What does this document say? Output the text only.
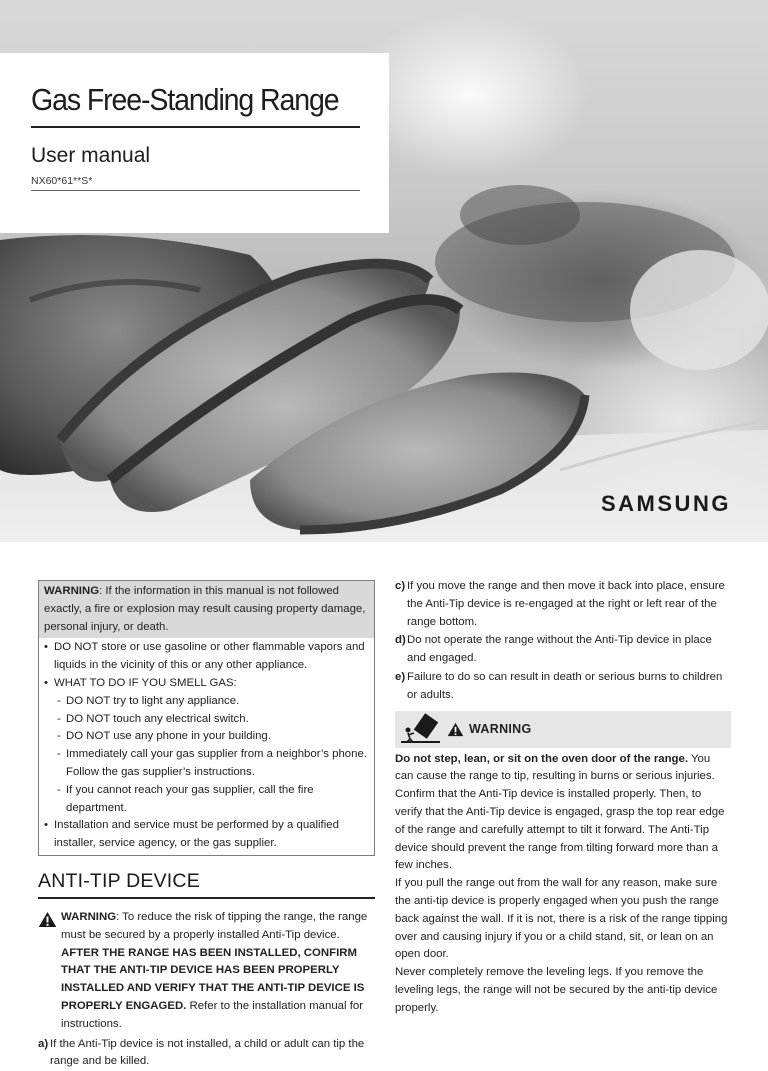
Gas Free-Standing Range
User manual
NX60*61**S*
SAMSUNG
WARNING: If the information in this manual is not followed exactly, a fire or explosion may result causing property damage, personal injury, or death.
• DO NOT store or use gasoline or other flammable vapors and liquids in the vicinity of this or any other appliance.
• WHAT TO DO IF YOU SMELL GAS:
- DO NOT try to light any appliance.
- DO NOT touch any electrical switch.
- DO NOT use any phone in your building.
- Immediately call your gas supplier from a neighbor’s phone. Follow the gas supplier’s instructions.
- If you cannot reach your gas supplier, call the fire department.
• Installation and service must be performed by a qualified installer, service agency, or the gas supplier.
ANTI-TIP DEVICE
WARNING: To reduce the risk of tipping the range, the range must be secured by a properly installed Anti-Tip device. AFTER THE RANGE HAS BEEN INSTALLED, CONFIRM THAT THE ANTI-TIP DEVICE HAS BEEN PROPERLY INSTALLED AND VERIFY THAT THE ANTI-TIP DEVICE IS PROPERLY ENGAGED. Refer to the installation manual for instructions.
a) If the Anti-Tip device is not installed, a child or adult can tip the range and be killed.
c) If you move the range and then move it back into place, ensure the Anti-Tip device is re-engaged at the right or left rear of the range bottom.
d) Do not operate the range without the Anti-Tip device in place and engaged.
e) Failure to do so can result in death or serious burns to children or adults.
WARNING

Do not step, lean, or sit on the oven door of the range. You can cause the range to tip, resulting in burns or serious injuries.

Confirm that the Anti-Tip device is installed properly. Then, to verify that the Anti-Tip device is engaged, grasp the top rear edge of the range and carefully attempt to tilt it forward. The Anti-Tip device should prevent the range from tilting forward more than a few inches.

If you pull the range out from the wall for any reason, make sure the anti-tip device is properly engaged when you push the range back against the wall. If it is not, there is a risk of the range tipping over and causing injury if you or a child stand, sit, or lean on an open door.

Never completely remove the leveling legs. If you remove the leveling legs, the range will not be secured by the anti-tip device properly.
